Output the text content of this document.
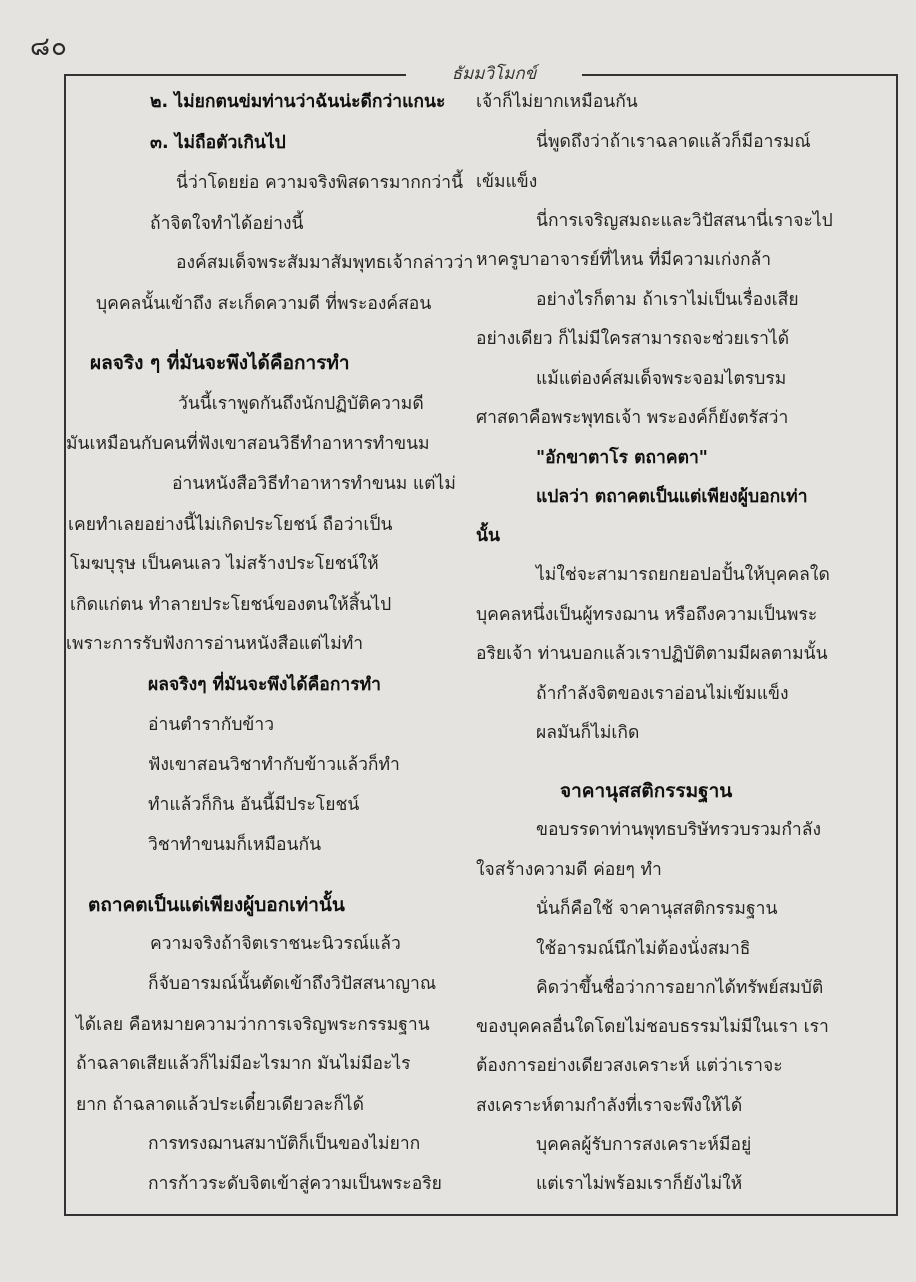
๘๐
ธัมมวิโมกข์
๒. ไม่ยกตนข่มท่านว่าฉันน่ะดีกว่าแกนะ
๓. ไม่ถือตัวเกินไป
นี่ว่าโดยย่อ ความจริงพิสดารมากกว่านี้
ถ้าจิตใจทำได้อย่างนี้
องค์สมเด็จพระสัมมาสัมพุทธเจ้ากล่าวว่า
บุคคลนั้นเข้าถึง สะเก็ดความดี ที่พระองค์สอน
ผลจริง ๆ ที่มันจะพึงได้คือการทำ
วันนี้เราพูดกันถึงนักปฏิบัติความดี
มันเหมือนกับคนที่ฟังเขาสอนวิธีทำอาหารทำขนม
อ่านหนังสือวิธีทำอาหารทำขนม แต่ไม่
เคยทำเลยอย่างนี้ไม่เกิดประโยชน์ ถือว่าเป็น
โมฆบุรุษ เป็นคนเลว ไม่สร้างประโยชน์ให้
เกิดแก่ตน ทำลายประโยชน์ของตนให้สิ้นไป
เพราะการรับฟังการอ่านหนังสือแต่ไม่ทำ
ผลจริงๆ ที่มันจะพึงได้คือการทำ
อ่านตำรากับข้าว
ฟังเขาสอนวิชาทำกับข้าวแล้วก็ทำ
ทำแล้วก็กิน อันนี้มีประโยชน์
วิชาทำขนมก็เหมือนกัน
ตถาคตเป็นแต่เพียงผู้บอกเท่านั้น
ความจริงถ้าจิตเราชนะนิวรณ์แล้ว
ก็จับอารมณ์นั้นตัดเข้าถึงวิปัสสนาญาณ
ได้เลย คือหมายความว่าการเจริญพระกรรมฐาน
ถ้าฉลาดเสียแล้วก็ไม่มีอะไรมาก มันไม่มีอะไร
ยาก ถ้าฉลาดแล้วประเดี๋ยวเดียวละก็ได้
การทรงฌานสมาบัติก็เป็นของไม่ยาก
การก้าวระดับจิตเข้าสู่ความเป็นพระอริย
เจ้าก็ไม่ยากเหมือนกัน
นี่พูดถึงว่าถ้าเราฉลาดแล้วก็มีอารมณ์
เข้มแข็ง
นี่การเจริญสมถะและวิปัสสนานี่เราจะไป
หาครูบาอาจารย์ที่ไหน ที่มีความเก่งกล้า
อย่างไรก็ตาม ถ้าเราไม่เป็นเรื่องเสีย
อย่างเดียว ก็ไม่มีใครสามารถจะช่วยเราได้
แม้แต่องค์สมเด็จพระจอมไตรบรม
ศาสดาคือพระพุทธเจ้า พระองค์ก็ยังตรัสว่า
"อักขาตาโร ตถาคตา"
แปลว่า ตถาคตเป็นแต่เพียงผู้บอกเท่า
นั้น
ไม่ใช่จะสามารถยกยอปอปั้นให้บุคคลใด
บุคคลหนึ่งเป็นผู้ทรงฌาน หรือถึงความเป็นพระ
อริยเจ้า ท่านบอกแล้วเราปฏิบัติตามมีผลตามนั้น
ถ้ากำลังจิตของเราอ่อนไม่เข้มแข็ง
ผลมันก็ไม่เกิด
จาคานุสสติกรรมฐาน
ขอบรรดาท่านพุทธบริษัทรวบรวมกำลัง
ใจสร้างความดี ค่อยๆ ทำ
นั่นก็คือใช้ จาคานุสสติกรรมฐาน
ใช้อารมณ์นึกไม่ต้องนั่งสมาธิ
คิดว่าขึ้นชื่อว่าการอยากได้ทรัพย์สมบัติ
ของบุคคลอื่นใดโดยไม่ชอบธรรมไม่มีในเรา เรา
ต้องการอย่างเดียวสงเคราะห์ แต่ว่าเราจะ
สงเคราะห์ตามกำลังที่เราจะพึงให้ได้
บุคคลผู้รับการสงเคราะห์มีอยู่
แต่เราไม่พร้อมเราก็ยังไม่ให้
